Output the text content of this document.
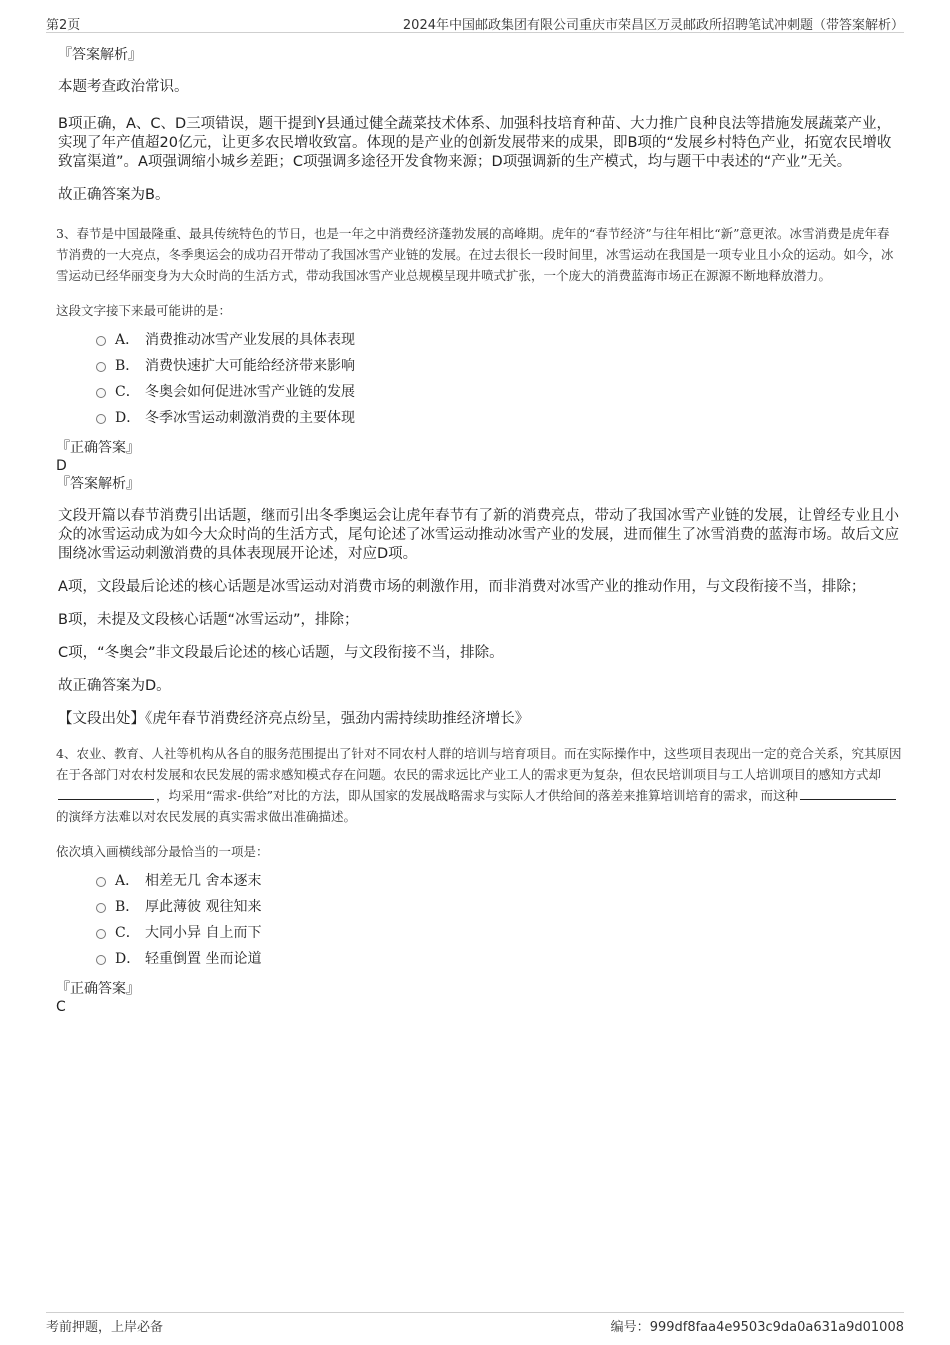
第2页	2024年中国邮政集团有限公司重庆市荣昌区万灵邮政所招聘笔试冲刺题（带答案解析）

『答案解析』

本题考查政治常识。

B项正确，A、C、D三项错误，题干提到Y县通过健全蔬菜技术体系、加强科技培育种苗、大力推广良种良法等措施发展蔬菜产业，实现了年产值超20亿元，让更多农民增收致富。体现的是产业的创新发展带来的成果，即B项的“发展乡村特色产业，拓宽农民增收致富渠道”。A项强调缩小城乡差距；C项强调多途径开发食物来源；D项强调新的生产模式，均与题干中表述的“产业”无关。

故正确答案为B。

3、春节是中国最隆重、最具传统特色的节日，也是一年之中消费经济蓬勃发展的高峰期。虎年的“春节经济”与往年相比“新”意更浓。冰雪消费是虎年春节消费的一大亮点，冬季奥运会的成功召开带动了我国冰雪产业链的发展。在过去很长一段时间里，冰雪运动在我国是一项专业且小众的运动。如今，冰雪运动已经华丽变身为大众时尚的生活方式，带动我国冰雪产业总规模呈现井喷式扩张，一个庞大的消费蓝海市场正在源源不断地释放潜力。

这段文字接下来最可能讲的是：

A． 消费推动冰雪产业发展的具体表现
B． 消费快速扩大可能给经济带来影响
C． 冬奥会如何促进冰雪产业链的发展
D． 冬季冰雪运动刺激消费的主要体现

『正确答案』

D

『答案解析』

文段开篇以春节消费引出话题，继而引出冬季奥运会让虎年春节有了新的消费亮点，带动了我国冰雪产业链的发展，让曾经专业且小众的冰雪运动成为如今大众时尚的生活方式，尾句论述了冰雪运动推动冰雪产业的发展，进而催生了冰雪消费的蓝海市场。故后文应围绕冰雪运动刺激消费的具体表现展开论述，对应D项。

A项，文段最后论述的核心话题是冰雪运动对消费市场的刺激作用，而非消费对冰雪产业的推动作用，与文段衔接不当，排除；

B项，未提及文段核心话题“冰雪运动”，排除；

C项，“冬奥会”非文段最后论述的核心话题，与文段衔接不当，排除。

故正确答案为D。

【文段出处】《虎年春节消费经济亮点纷呈，强劲内需持续助推经济增长》

4、农业、教育、人社等机构从各自的服务范围提出了针对不同农村人群的培训与培育项目。而在实际操作中，这些项目表现出一定的竞合关系，究其原因在于各部门对农村发展和农民发展的需求感知模式存在问题。农民的需求远比产业工人的需求更为复杂，但农民培训项目与工人培训项目的感知方式却，均采用“需求-供给”对比的方法，即从国家的发展战略需求与实际人才供给间的落差来推算培训培育的需求，而这种的演绎方法难以对农民发展的真实需求做出准确描述。

依次填入画横线部分最恰当的一项是：

A． 相差无几 舍本逐末
B． 厚此薄彼 观往知来
C． 大同小异 自上而下
D． 轻重倒置 坐而论道

『正确答案』

C

考前押题，上岸必备	编号：999df8faa4e9503c9da0a631a9d01008
